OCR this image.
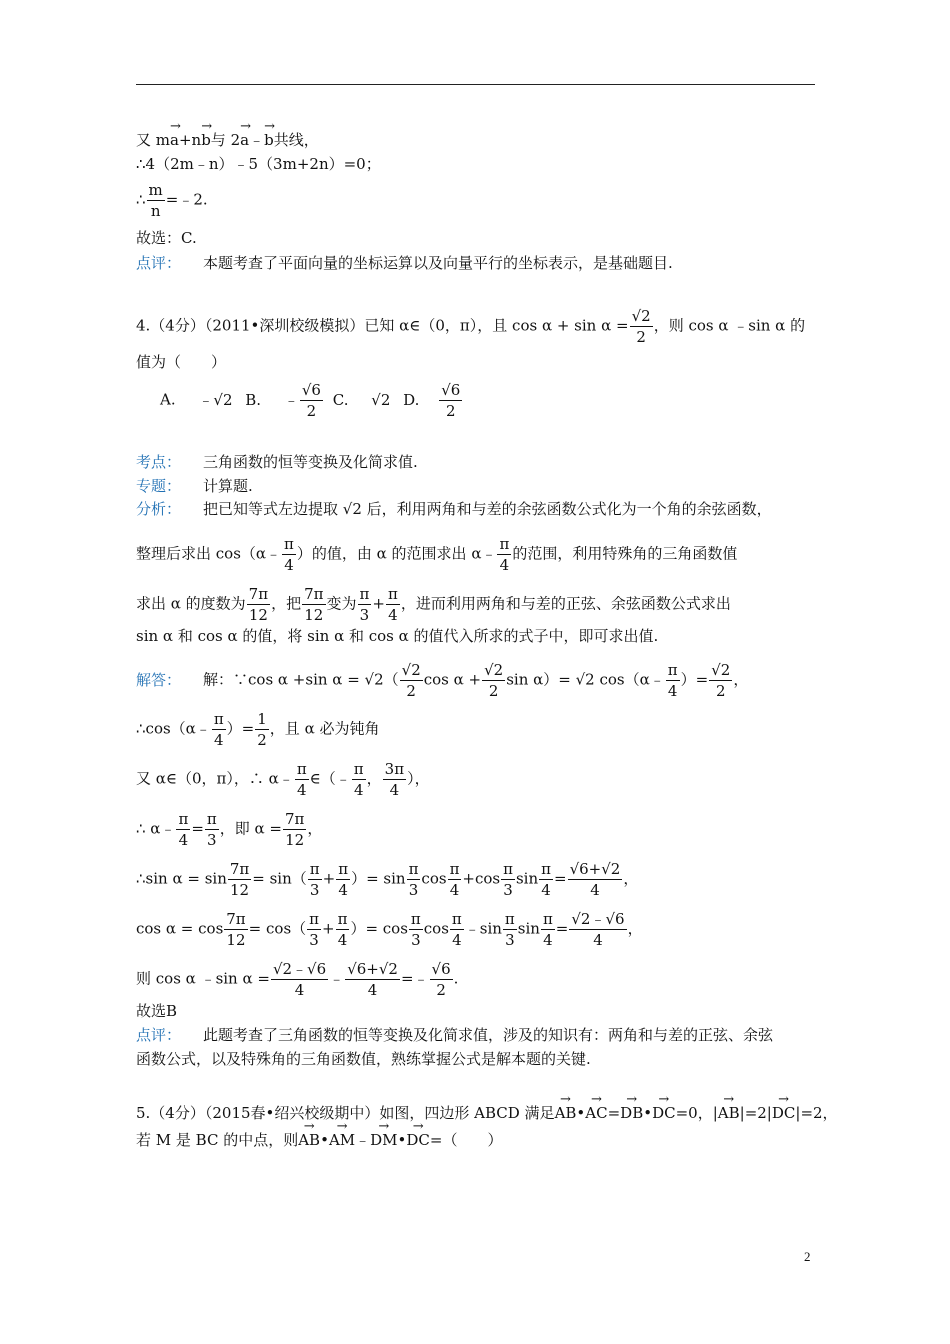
又 m→ a+n→ b与 2→ a﹣→ b共线，
∴4（2m﹣n）﹣5（3m+2n）=0；
∴ $\frac{m}{n}$ =﹣2.
故选：C.
点评： 本题考查了平面向量的坐标运算以及向量平行的坐标表示，是基础题目.
4.（4分）（2011•深圳校级模拟）已知 α∈（0，π），且 $\cos \alpha + \sin \alpha = \frac{√2}{2}$ ，则 cos α ﹣sin α 的
值为（　　）
A. ﹣√2 B. ﹣ $\frac{√6}{2} C$. √2 D. $\frac{√6}{2}$
考点： 三角函数的恒等变换及化简求值.
专题： 计算题.
分析： 把已知等式左边提取 √2 后，利用两角和与差的余弦函数公式化为一个角的余弦函数，
整理后求出 cos（α﹣ $\frac{\pi}{4}$ ）的值，由 α 的范围求出 α﹣ $\frac{\pi}{4}$ 的范围，利用特殊角的三角函数值
求出 α 的度数为 $\frac{7\pi}{12}$ ，把 $\frac{7\pi}{12}$ 变为 $\frac{\pi}{3} + \frac{\pi}{4}$ ，进而利用两角和与差的正弦、余弦函数公式求出
sin α 和 cos α 的值，将 sin α 和 cos α 的值代入所求的式子中，即可求出值.
解答： 解：∵cos α +sin $\alpha = √2( \frac{√2}{2}$ $\cos \alpha + \frac{√2}{2}$ sin α）= √2 cos（α﹣ $\frac{\pi}{4}$ ）= $\frac{√2}{2}$ ，
∴cos（α﹣ $\frac{\pi}{4}$ ）= $\frac{1}{2}$ ，且 α 必为钝角
又 α∈（0，π），∴ α﹣ $\frac{\pi}{4}$ ∈（﹣ $\frac{\pi}{4}$ ， $\frac{3\pi}{4}$ ），
∴ α﹣ $\frac{\pi}{4} = \frac{\pi}{3}$ ，即 $\alpha = \frac{7\pi}{12}$ ，
∴sin $\alpha = \sin \frac{7\pi}{12} = \sin( \frac{\pi}{3} + \frac{\pi}{4}$ ）= $\sin \frac{\pi}{3}$ $\cos \frac{\pi}{4} +\cos \frac{\pi}{3}$ $\sin \frac{\pi}{4} = \frac{√6+√2}{4}$ ，
$\cos \alpha = \cos \frac{7\pi}{12} = \cos( \frac{\pi}{3} + \frac{\pi}{4}$ ）= $\cos \frac{\pi}{3}$ $\cos \frac{\pi}{4}$ ﹣sin $\frac{\pi}{3}$ $\sin \frac{\pi}{4} = \frac{√2﹣√6}{4}$ ，
则 cos α ﹣sin $\alpha = \frac{√2﹣√6}{4}$ ﹣ $\frac{√6+√2}{4}$ =﹣ $\frac{√6}{2}$ .
故选B
点评： 此题考查了三角函数的恒等变换及化简求值，涉及的知识有：两角和与差的正弦、余弦
函数公式，以及特殊角的三角函数值，熟练掌握公式是解本题的关键.
5.（4分）（2015春•绍兴校级期中）如图，四边形 ABCD 满足→ AB•→ AC=→ DB•→ DC=0，|→ AB|=2|→ DC|=2，
若 M 是 BC 的中点，则→ AB•→ AM﹣→ DM•→ DC=（　　）
2
